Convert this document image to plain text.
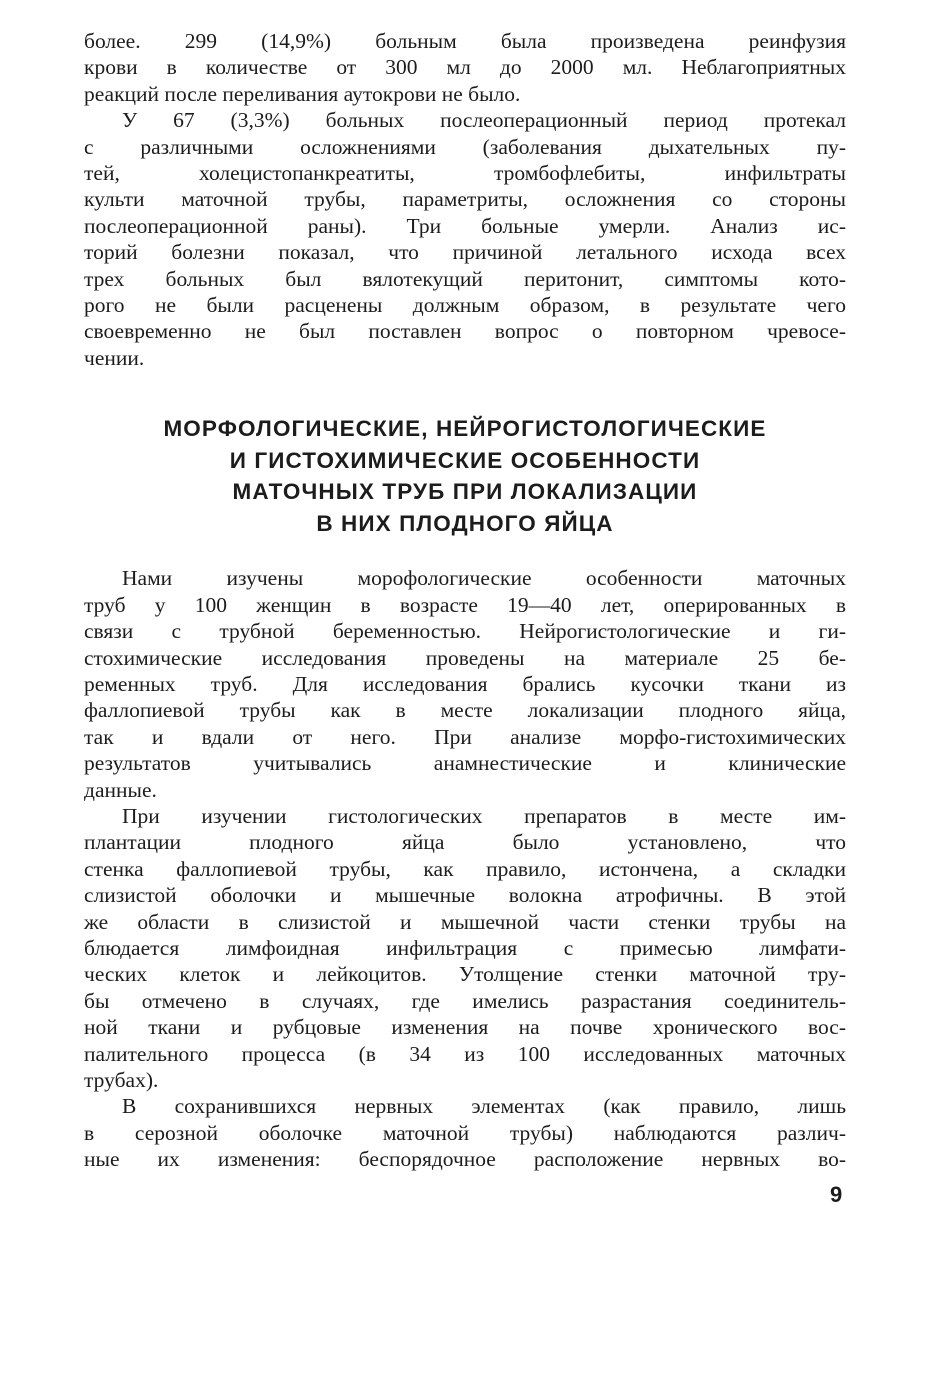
более. 299 (14,9%) больным была произведена реинфузия
крови в количестве от 300 мл до 2000 мл. Неблагоприятных
реакций после переливания аутокрови не было.

У 67 (3,3%) больных послеоперационный период протекал
с различными осложнениями (заболевания дыхательных пу-
тей, холецистопанкреатиты, тромбофлебиты, инфильтраты
культи маточной трубы, параметриты, осложнения со стороны
послеоперационной раны). Три больные умерли. Анализ ис-
торий болезни показал, что причиной летального исхода всех
трех больных был вялотекущий перитонит, симптомы кото-
рого не были расценены должным образом, в результате чего
своевременно не был поставлен вопрос о повторном чревосе-
чении.

МОРФОЛОГИЧЕСКИЕ, НЕЙРОГИСТОЛОГИЧЕСКИЕ
И ГИСТОХИМИЧЕСКИЕ ОСОБЕННОСТИ
МАТОЧНЫХ ТРУБ ПРИ ЛОКАЛИЗАЦИИ
В НИХ ПЛОДНОГО ЯЙЦА

Нами изучены морофологические особенности маточных
труб у 100 женщин в возрасте 19—40 лет, оперированных в
связи с трубной беременностью. Нейрогистологические и ги-
стохимические исследования проведены на материале 25 бе-
ременных труб. Для исследования брались кусочки ткани из
фаллопиевой трубы как в месте локализации плодного яйца,
так и вдали от него. При анализе морфо-гистохимических
результатов учитывались анамнестические и клинические
данные.

При изучении гистологических препаратов в месте им-
плантации плодного яйца было установлено, что
стенка фаллопиевой трубы, как правило, истончена, а складки
слизистой оболочки и мышечные волокна атрофичны. В этой
же области в слизистой и мышечной части стенки трубы на
блюдается лимфоидная инфильтрация с примесью лимфати-
ческих клеток и лейкоцитов. Утолщение стенки маточной тру-
бы отмечено в случаях, где имелись разрастания соединитель-
ной ткани и рубцовые изменения на почве хронического вос-
палительного процесса (в 34 из 100 исследованных маточных
трубах).

В сохранившихся нервных элементах (как правило, лишь
в серозной оболочке маточной трубы) наблюдаются различ-
ные их изменения: беспорядочное расположение нервных во-

9
